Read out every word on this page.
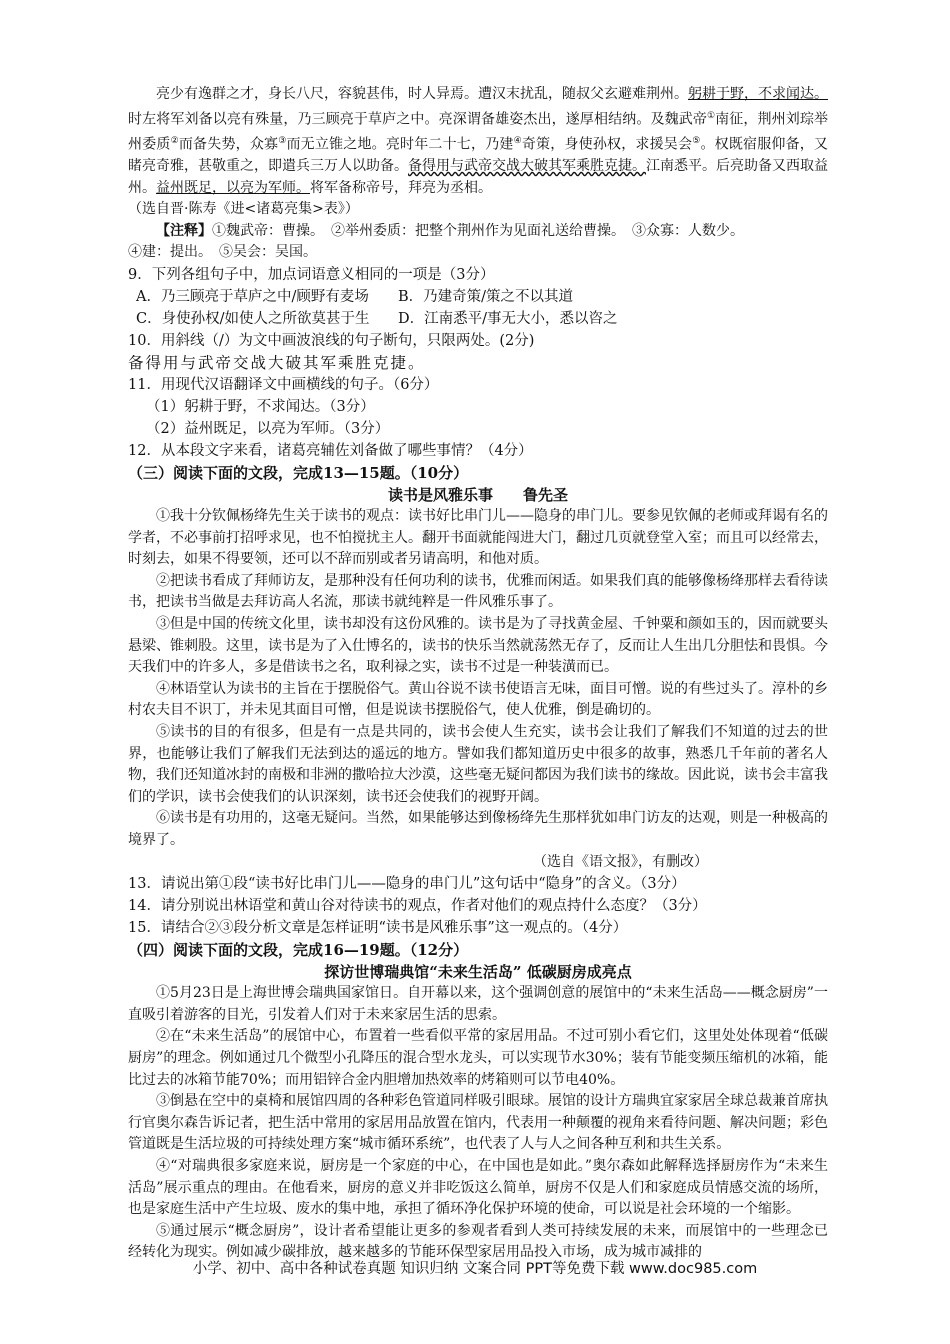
亮少有逸群之才，身长八尺，容貌甚伟，时人异焉。遭汉末扰乱，随叔父玄避难荆州。躬耕于野，不求闻达。时左将军刘备以亮有殊量，乃三顾亮于草庐之中。亮深谓备雄姿杰出，遂厚相结纳。及魏武帝①南征，荆州刘琮举州委质②而备失势，众寡③而无立锥之地。亮时年二十七，乃建④奇策，身使孙权，求援吴会⑤。权既宿服仰备，又睹亮奇雅，甚敬重之，即遣兵三万人以助备。备得用与武帝交战大破其军乘胜克捷。江南悉平。后亮助备又西取益州。益州既足，以亮为军师。将军备称帝号，拜亮为丞相。

（选自晋·陈寿《进<诸葛亮集>表》）

【注释】①魏武帝：曹操。　②举州委质：把整个荆州作为见面礼送给曹操。　③众寡：人数少。

④建：提出。　⑤吴会：吴国。

9．下列各组句子中，加点词语意义相同的一项是（3分）

A．乃三顾亮于草庐之中/顾野有麦场 B．乃建奇策/策之不以其道

C．身使孙权/如使人之所欲莫甚于生 D．江南悉平/事无大小，悉以咨之

10．用斜线（/）为文中画波浪线的句子断句，只限两处。(2分)

备得用与武帝交战大破其军乘胜克捷。

11．用现代汉语翻译文中画横线的句子。（6分）

（1）躬耕于野，不求闻达。（3分）

（2）益州既足，以亮为军师。（3分）

12．从本段文字来看，诸葛亮辅佐刘备做了哪些事情？（4分）

（三）阅读下面的文段，完成13—15题。（10分）

读书是风雅乐事　　鲁先圣

①我十分钦佩杨绛先生关于读书的观点：读书好比串门儿——隐身的串门儿。要参见钦佩的老师或拜谒有名的学者，不必事前打招呼求见，也不怕搅扰主人。翻开书面就能闯进大门，翻过几页就登堂入室；而且可以经常去，时刻去，如果不得要领，还可以不辞而别或者另请高明，和他对质。

②把读书看成了拜师访友，是那种没有任何功利的读书，优雅而闲适。如果我们真的能够像杨绛那样去看待读书，把读书当做是去拜访高人名流，那读书就纯粹是一件风雅乐事了。

③但是中国的传统文化里，读书却没有这份风雅的。读书是为了寻找黄金屋、千钟粟和颜如玉的，因而就要头悬梁、锥刺股。这里，读书是为了入仕博名的，读书的快乐当然就荡然无存了，反而让人生出几分胆怯和畏惧。今天我们中的许多人，多是借读书之名，取利禄之实，读书不过是一种装潢而已。

④林语堂认为读书的主旨在于摆脱俗气。黄山谷说不读书使语言无味，面目可憎。说的有些过头了。淳朴的乡村农夫目不识丁，并未见其面目可憎，但是说读书摆脱俗气，使人优雅，倒是确切的。

⑤读书的目的有很多，但是有一点是共同的，读书会使人生充实，读书会让我们了解我们不知道的过去的世界，也能够让我们了解我们无法到达的遥远的地方。譬如我们都知道历史中很多的故事，熟悉几千年前的著名人物，我们还知道冰封的南极和非洲的撒哈拉大沙漠，这些毫无疑问都因为我们读书的缘故。因此说，读书会丰富我们的学识，读书会使我们的认识深刻，读书还会使我们的视野开阔。

⑥读书是有功用的，这毫无疑问。当然，如果能够达到像杨绛先生那样犹如串门访友的达观，则是一种极高的境界了。

（选自《语文报》，有删改）

13．请说出第①段“读书好比串门儿——隐身的串门儿”这句话中“隐身”的含义。（3分）

14．请分别说出林语堂和黄山谷对待读书的观点，作者对他们的观点持什么态度？（3分）

15．请结合②③段分析文章是怎样证明“读书是风雅乐事”这一观点的。（4分）

（四）阅读下面的文段，完成16—19题。（12分）

探访世博瑞典馆“未来生活岛” 低碳厨房成亮点

①5月23日是上海世博会瑞典国家馆日。自开幕以来，这个强调创意的展馆中的“未来生活岛——概念厨房”一直吸引着游客的目光，引发着人们对于未来家居生活的思索。

②在“未来生活岛”的展馆中心，布置着一些看似平常的家居用品。不过可别小看它们，这里处处体现着“低碳厨房”的理念。例如通过几个微型小孔降压的混合型水龙头，可以实现节水30%；装有节能变频压缩机的冰箱，能比过去的冰箱节能70%；而用铝锌合金内胆增加热效率的烤箱则可以节电40%。

③倒悬在空中的桌椅和展馆四周的各种彩色管道同样吸引眼球。展馆的设计方瑞典宜家家居全球总裁兼首席执行官奥尔森告诉记者，把生活中常用的家居用品放置在馆内，代表用一种颠覆的视角来看待问题、解决问题；彩色管道既是生活垃圾的可持续处理方案“城市循环系统”，也代表了人与人之间各种互利和共生关系。

④“对瑞典很多家庭来说，厨房是一个家庭的中心，在中国也是如此。”奥尔森如此解释选择厨房作为“未来生活岛”展示重点的理由。在他看来，厨房的意义并非吃饭这么简单，厨房不仅是人们和家庭成员情感交流的场所，也是家庭生活中产生垃圾、废水的集中地，承担了循环净化保护环境的使命，可以说是社会环境的一个缩影。

⑤通过展示“概念厨房”，设计者希望能让更多的参观者看到人类可持续发展的未来，而展馆中的一些理念已经转化为现实。例如减少碳排放，越来越多的节能环保型家居用品投入市场，成为城市减排的

小学、初中、高中各种试卷真题 知识归纳 文案合同 PPT等免费下载 www.doc985.com
